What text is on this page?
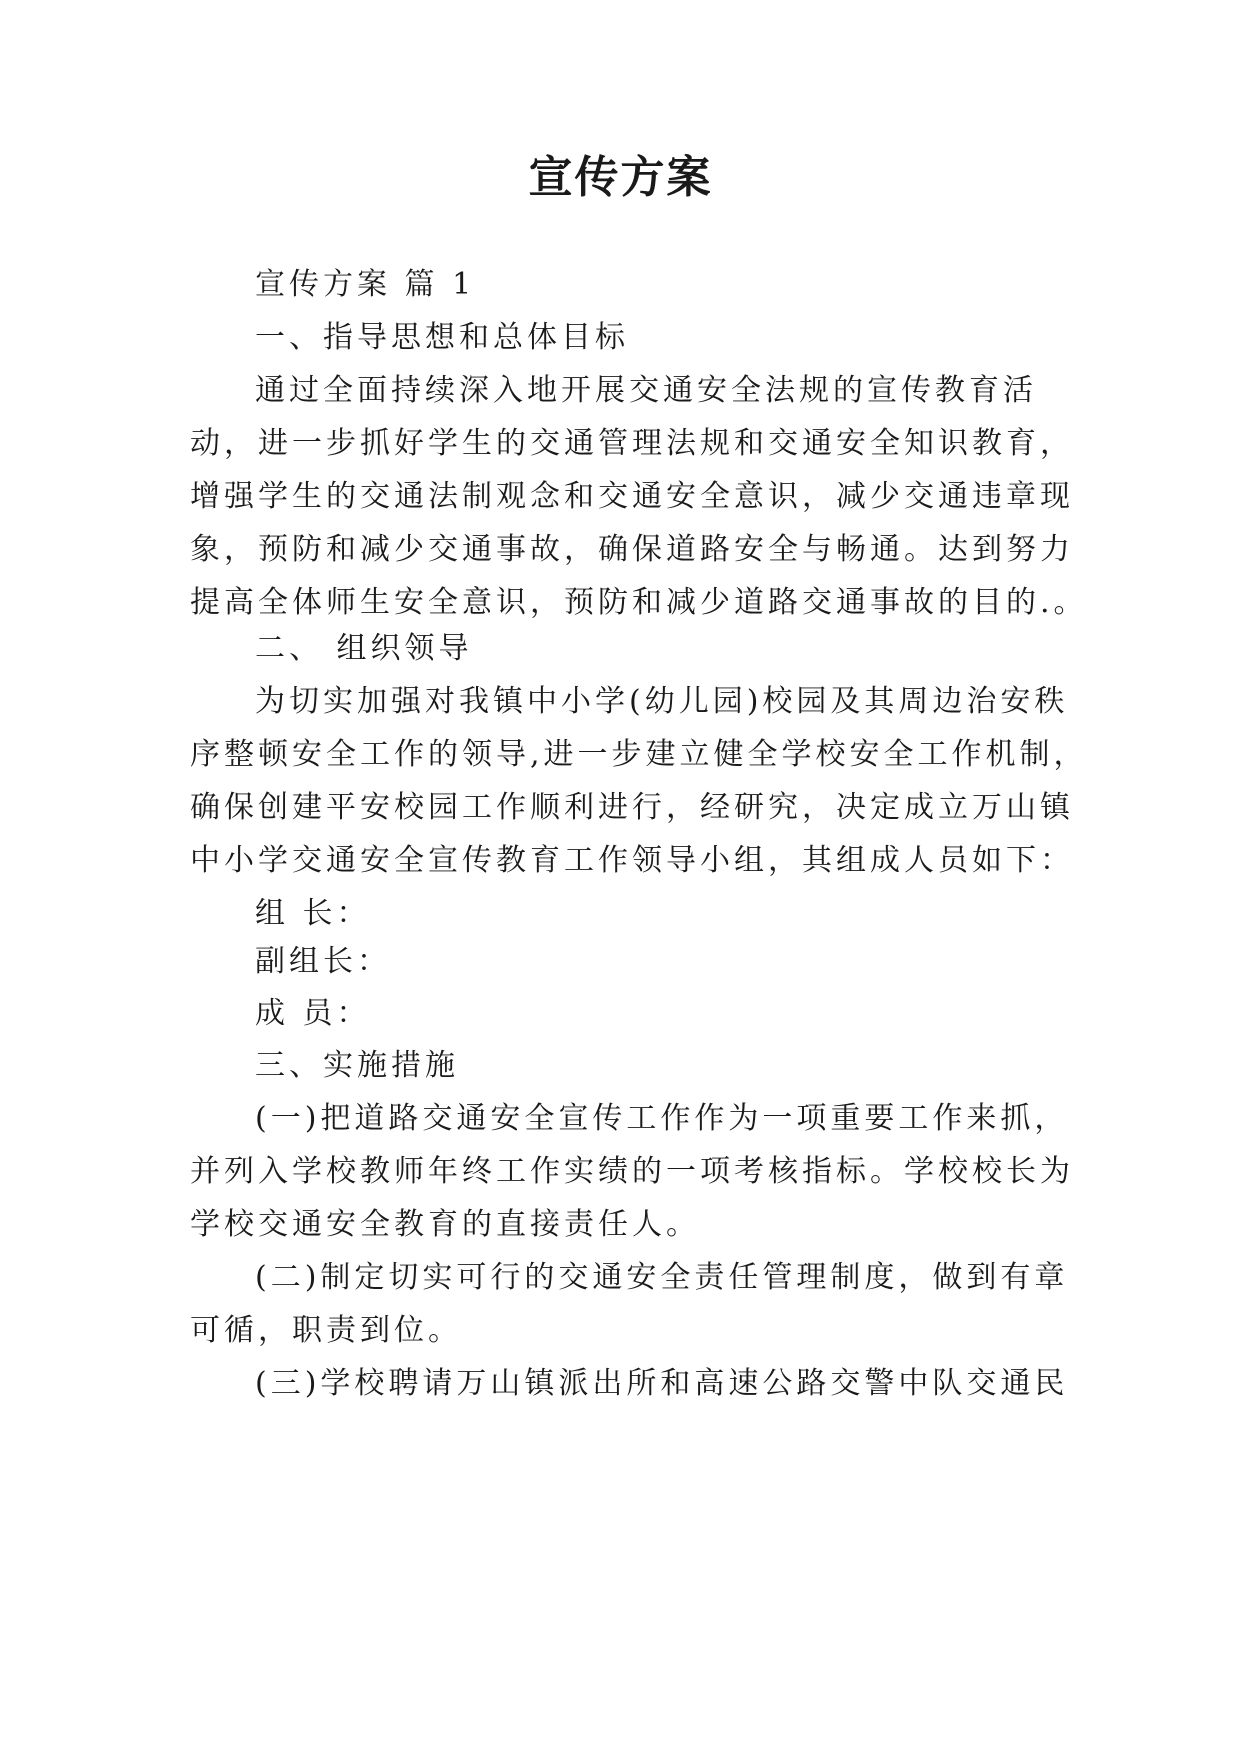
宣传方案

宣传方案 篇 1

一、指导思想和总体目标

通过全面持续深入地开展交通安全法规的宣传教育活

动，进一步抓好学生的交通管理法规和交通安全知识教育，

增强学生的交通法制观念和交通安全意识，减少交通违章现

象，预防和减少交通事故，确保道路安全与畅通。达到努力

提高全体师生安全意识，预防和减少道路交通事故的目的.。

二、 组织领导

为切实加强对我镇中小学(幼儿园)校园及其周边治安秩

序整顿安全工作的领导,进一步建立健全学校安全工作机制，

确保创建平安校园工作顺利进行，经研究，决定成立万山镇

中小学交通安全宣传教育工作领导小组，其组成人员如下：

组 长：

副组长：

成 员：

三、实施措施

(一)把道路交通安全宣传工作作为一项重要工作来抓，

并列入学校教师年终工作实绩的一项考核指标。学校校长为

学校交通安全教育的直接责任人。

(二)制定切实可行的交通安全责任管理制度，做到有章

可循，职责到位。

(三)学校聘请万山镇派出所和高速公路交警中队交通民
